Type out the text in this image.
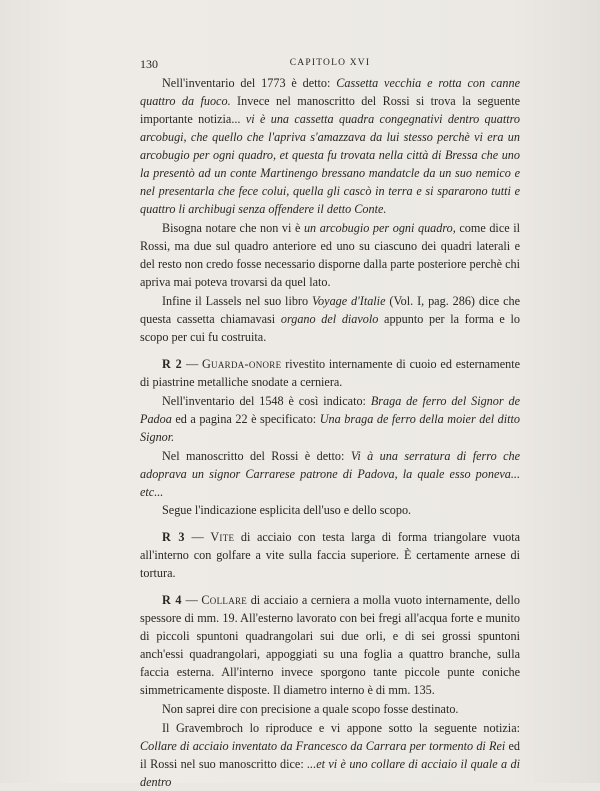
130	CAPITOLO XVI

Nell'inventario del 1773 è detto: Cassetta vecchia e rotta con canne quattro da fuoco. Invece nel manoscritto del Rossi si trova la seguente importante notizia... vi è una cassetta quadra congegnativi dentro quattro arcobugi, che quello che l'apriva s'amazzava da lui stesso perchè vi era un arcobugio per ogni quadro, et questa fu trovata nella città di Bressa che uno la presentò ad un conte Martinengo bressano mandatcle da un suo nemico e nel presentarla che fece colui, quella gli cascò in terra e si spararono tutti e quattro li archibugi senza offendere il detto Conte.

Bisogna notare che non vi è un arcobugio per ogni quadro, come dice il Rossi, ma due sul quadro anteriore ed uno su ciascuno dei quadri laterali e del resto non credo fosse necessario disporne dalla parte posteriore perchè chi apriva mai poteva trovarsi da quel lato.

Infine il Lassels nel suo libro Voyage d'Italie (Vol. I, pag. 286) dice che questa cassetta chiamavasi organo del diavolo appunto per la forma e lo scopo per cui fu costruita.

R 2 — Guarda-onore rivestito internamente di cuoio ed esternamente di piastrine metalliche snodate a cerniera.

Nell'inventario del 1548 è così indicato: Braga de ferro del Signor de Padoa ed a pagina 22 è specificato: Una braga de ferro della moier del ditto Signor.

Nel manoscritto del Rossi è detto: Vi à una serratura di ferro che adoprava un signor Carrarese patrone di Padova, la quale esso poneva... etc...

Segue l'indicazione esplicita dell'uso e dello scopo.

R 3 — Vite di acciaio con testa larga di forma triangolare vuota all'interno con golfare a vite sulla faccia superiore. È certamente arnese di tortura.

R 4 — Collare di acciaio a cerniera a molla vuoto internamente, dello spessore di mm. 19. All'esterno lavorato con bei fregi all'acqua forte e munito di piccoli spuntoni quadrangolari sui due orli, e di sei grossi spuntoni anch'essi quadrangolari, appoggiati su una foglia a quattro branche, sulla faccia esterna. All'interno invece sporgono tante piccole punte coniche simmetricamente disposte. Il diametro interno è di mm. 135.

Non saprei dire con precisione a quale scopo fosse destinato.

Il Gravembroch lo riproduce e vi appone sotto la seguente notizia: Collare di acciaio inventato da Francesco da Carrara per tormento di Rei ed il Rossi nel suo manoscritto dice: ...et vi è uno collare di acciaio il quale a di dentro
